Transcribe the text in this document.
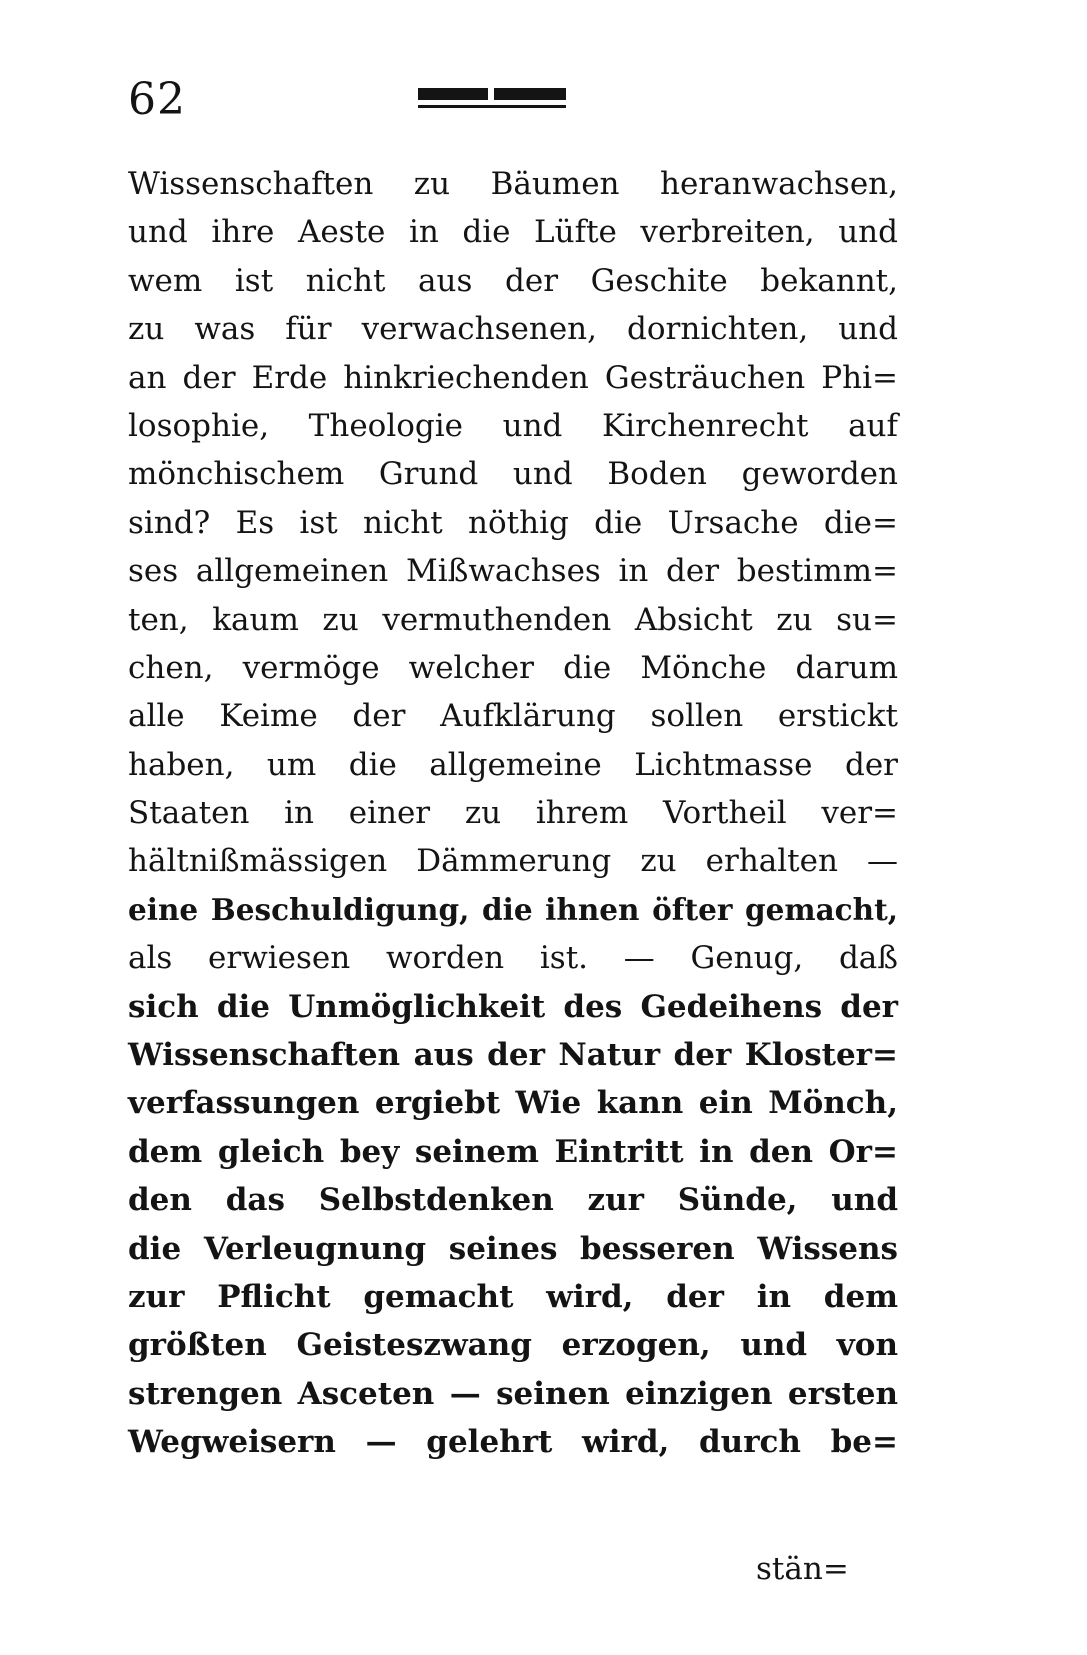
62
Wissenschaften zu Bäumen heranwachsen,
und ihre Aeste in die Lüfte verbreiten, und
wem ist nicht aus der Geschite bekannt,
zu was für verwachsenen, dornichten, und
an der Erde hinkriechenden Gesträuchen Phi=
losophie, Theologie und Kirchenrecht auf
mönchischem Grund und Boden geworden
sind? Es ist nicht nöthig die Ursache die=
ses allgemeinen Mißwachses in der bestimm=
ten, kaum zu vermuthenden Absicht zu su=
chen, vermöge welcher die Mönche darum
alle Keime der Aufklärung sollen erstickt
haben, um die allgemeine Lichtmasse der
Staaten in einer zu ihrem Vortheil ver=
hältnißmässigen Dämmerung zu erhalten —
eine Beschuldigung, die ihnen öfter gemacht,
als erwiesen worden ist. — Genug, daß
sich die Unmöglichkeit des Gedeihens der
Wissenschaften aus der Natur der Kloster=
verfassungen ergiebt Wie kann ein Mönch,
dem gleich bey seinem Eintritt in den Or=
den das Selbstdenken zur Sünde, und
die Verleugnung seines besseren Wissens
zur Pflicht gemacht wird, der in dem
größten Geisteszwang erzogen, und von
strengen Asceten — seinen einzigen ersten
Wegweisern — gelehrt wird, durch be=
stän=
